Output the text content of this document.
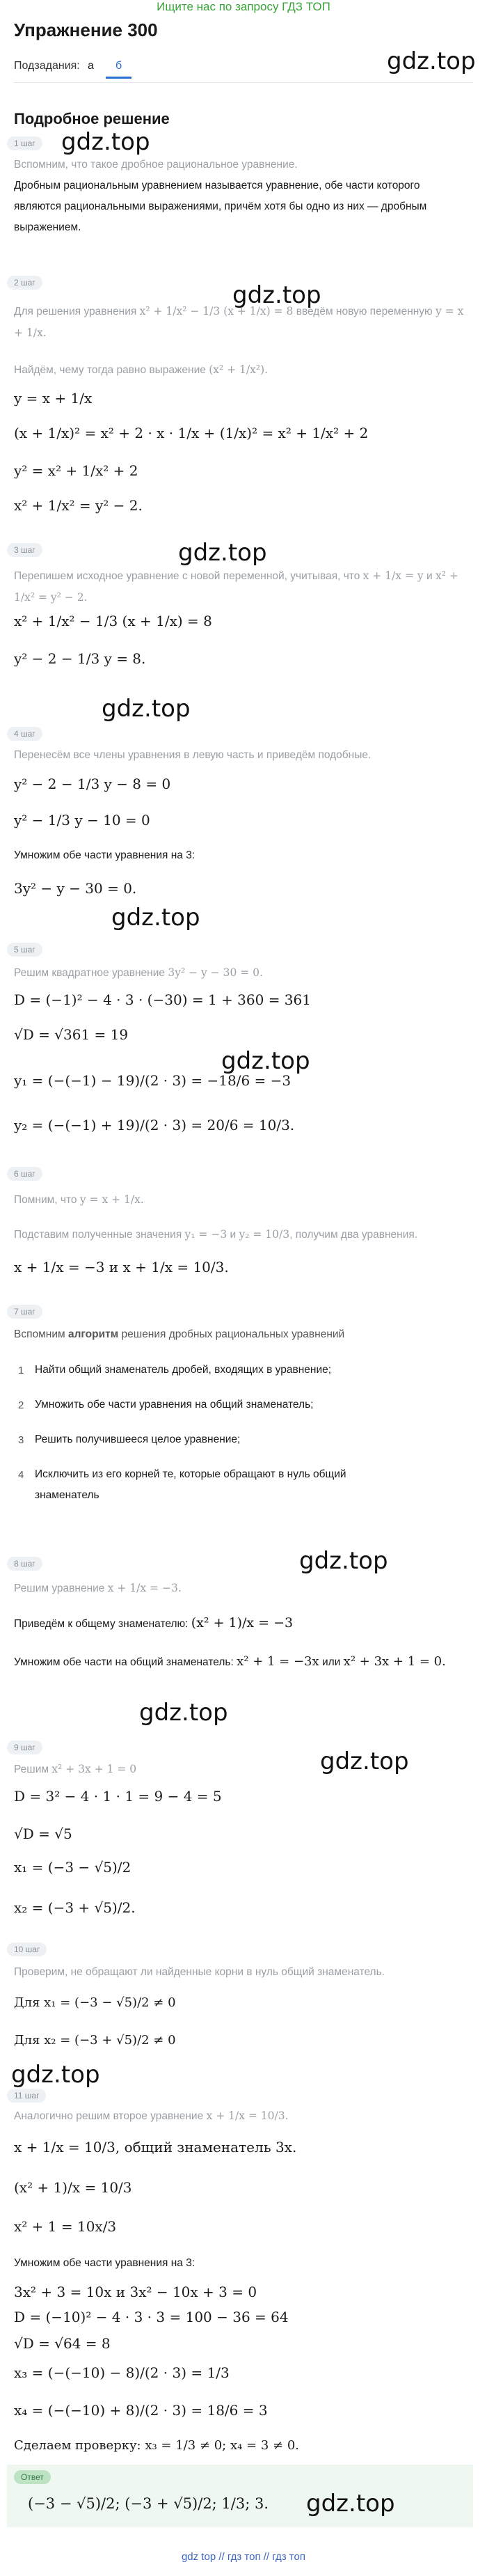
Ищите нас по запросу ГДЗ ТОП
Упражнение 300
Подзадания: а	б	gdz.top
Подробное решение
gdz.top
1 шаг
Вспомним, что такое дробное рациональное уравнение.
Дробным рациональным уравнением называется уравнение, обе части которого являются рациональными выражениями, причём хотя бы одно из них — дробным выражением.
2 шаг
Для решения уравнения x² + 1/x² − 1/3 (x + 1/x) = 8 введём новую переменную y = x + 1/x.
gdz.top
Найдём, чему тогда равно выражение (x² + 1/x²).
y = x + 1/x
(x + 1/x)² = x² + 2 · x · 1/x + (1/x)² = x² + 1/x² + 2
y² = x² + 1/x² + 2
x² + 1/x² = y² − 2.
3 шаг	gdz.top
Перепишем исходное уравнение с новой переменной, учитывая, что x + 1/x = y и x² + 1/x² = y² − 2.
x² + 1/x² − 1/3 (x + 1/x) = 8
y² − 2 − 1/3 y = 8.
gdz.top
4 шаг
Перенесём все члены уравнения в левую часть и приведём подобные.
y² − 2 − 1/3 y − 8 = 0
y² − 1/3 y − 10 = 0
Умножим обе части уравнения на 3:
3y² − y − 30 = 0.
gdz.top
5 шаг
Решим квадратное уравнение 3y² − y − 30 = 0.
D = (−1)² − 4 · 3 · (−30) = 1 + 360 = 361
√D = √361 = 19
gdz.top
y₁ = (−(−1) − 19)/(2 · 3) = −18/6 = −3
y₂ = (−(−1) + 19)/(2 · 3) = 20/6 = 10/3.
6 шаг
Помним, что y = x + 1/x.
Подставим полученные значения y₁ = −3 и y₂ = 10/3, получим два уравнения.
x + 1/x = −3 и x + 1/x = 10/3.
7 шаг
Вспомним алгоритм решения дробных рациональных уравнений
1 Найти общий знаменатель дробей, входящих в уравнение;
2 Умножить обе части уравнения на общий знаменатель;
3 Решить получившееся целое уравнение;
4 Исключить из его корней те, которые обращают в нуль общий знаменатель
gdz.top
8 шаг
Решим уравнение x + 1/x = −3.
Приведём к общему знаменателю: (x² + 1)/x = −3
Умножим обе части на общий знаменатель: x² + 1 = −3x или x² + 3x + 1 = 0.
gdz.top
9 шаг	gdz.top
Решим x² + 3x + 1 = 0
D = 3² − 4 · 1 · 1 = 9 − 4 = 5
√D = √5
x₁ = (−3 − √5)/2
x₂ = (−3 + √5)/2.
10 шаг
Проверим, не обращают ли найденные корни в нуль общий знаменатель.
Для x₁ = (−3 − √5)/2 ≠ 0
Для x₂ = (−3 + √5)/2 ≠ 0
gdz.top
11 шаг
Аналогично решим второе уравнение x + 1/x = 10/3.
x + 1/x = 10/3, общий знаменатель 3x.
(x² + 1)/x = 10/3
x² + 1 = 10x/3
Умножим обе части уравнения на 3:
3x² + 3 = 10x и 3x² − 10x + 3 = 0
D = (−10)² − 4 · 3 · 3 = 100 − 36 = 64
√D = √64 = 8
x₃ = (−(−10) − 8)/(2 · 3) = 1/3
x₄ = (−(−10) + 8)/(2 · 3) = 18/6 = 3
Сделаем проверку: x₃ = 1/3 ≠ 0; x₄ = 3 ≠ 0.
Ответ
(−3 − √5)/2; (−3 + √5)/2; 1/3; 3. gdz.top
gdz top // гдз топ // гдз топ
